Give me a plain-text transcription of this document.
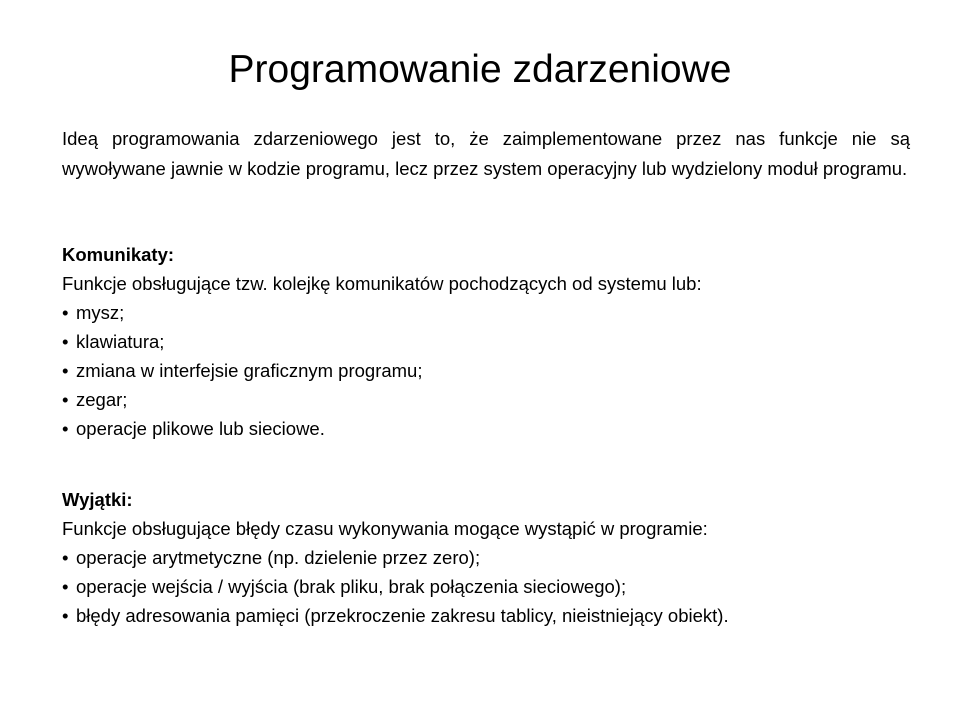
Programowanie zdarzeniowe

Ideą programowania zdarzeniowego jest to, że zaimplementowane przez nas funkcje nie są wywoływane jawnie w kodzie programu, lecz przez system operacyjny lub wydzielony moduł programu.

Komunikaty:

Funkcje obsługujące tzw. kolejkę komunikatów pochodzących od systemu lub:

• mysz;
• klawiatura;
• zmiana w interfejsie graficznym programu;
• zegar;
• operacje plikowe lub sieciowe.

Wyjątki:

Funkcje obsługujące błędy czasu wykonywania mogące wystąpić w programie:

• operacje arytmetyczne (np. dzielenie przez zero);
• operacje wejścia / wyjścia (brak pliku, brak połączenia sieciowego);
• błędy adresowania pamięci (przekroczenie zakresu tablicy, nieistniejący obiekt).
